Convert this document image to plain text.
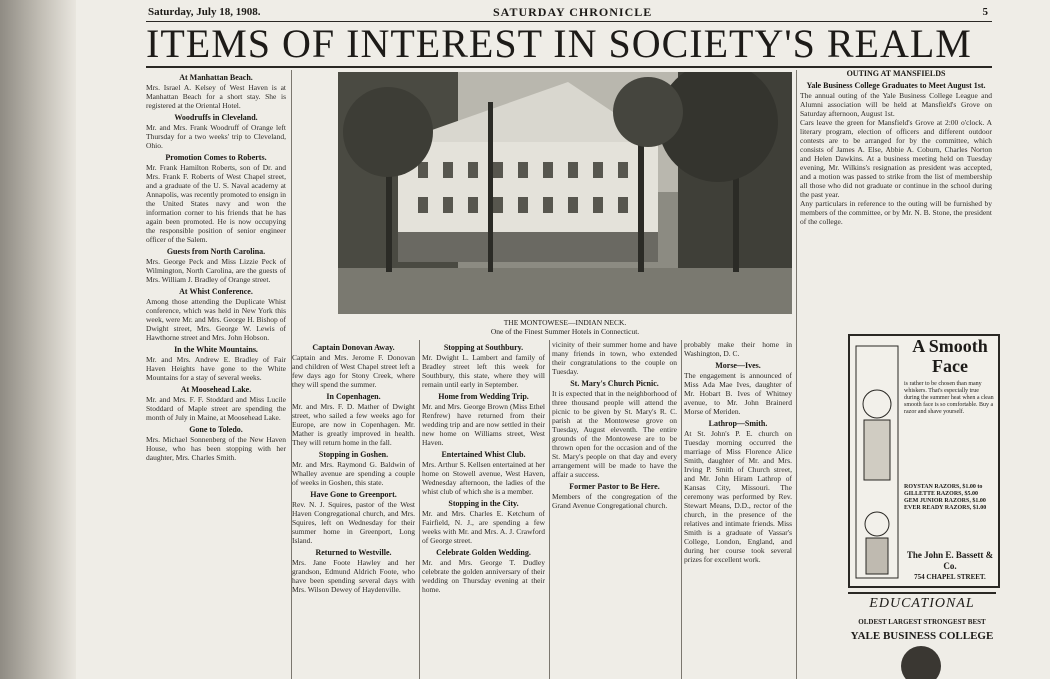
Saturday, July 18, 1908.	SATURDAY CHRONICLE	5
ITEMS OF INTEREST IN SOCIETY'S REALM
At Manhattan Beach.

Mrs. Israel A. Kelsey of West Haven is at Manhattan Beach for a short stay. She is registered at the Oriental Hotel.

Woodruffs in Cleveland.

Mr. and Mrs. Frank Woodruff of Orange left Thursday for a two weeks' trip to Cleveland, Ohio.

Promotion Comes to Roberts.

Mr. Frank Hamilton Roberts, son of Dr. and Mrs. Frank F. Roberts of West Chapel street, and a graduate of the U. S. Naval academy at Annapolis, was recently promoted to ensign in the United States navy and won the information corner to his friends that he has again been promoted. He is now occupying the responsible position of senior engineer officer of the Salem.

Guests from North Carolina.

Mrs. George Peck and Miss Lizzie Peck of Wilmington, North Carolina, are the guests of Mrs. William J. Bradley of Orange street.

At Whist Conference.

Among those attending the Duplicate Whist conference, which was held in New York this week, were Mr. and Mrs. George H. Bishop of Dwight street, Mrs. George W. Lewis of Hawthorne street and Mrs. John Hobson.

In the White Mountains.

Mr. and Mrs. Andrew E. Bradley of Fair Haven Heights have gone to the White Mountains for a stay of several weeks.

At Moosehead Lake.

Mr. and Mrs. F. F. Stoddard and Miss Lucile Stoddard of Maple street are spending the month of July in Maine, at Moosehead Lake.

Gone to Toledo.

Mrs. Michael Sonnenberg of the New Haven House, who has been stopping with her daughter, Mrs. Charles Smith.

THE MONTOWESE—INDIAN NECK.
One of the Finest Summer Hotels in Connecticut.
Captain Donovan Away.

Captain and Mrs. Jerome F. Donovan and children of West Chapel street left a few days ago for Stony Creek, where they will spend the summer.

In Copenhagen.

Mr. and Mrs. F. D. Mather of Dwight street, who sailed a few weeks ago for Europe, are now in Copenhagen. Mr. Mather is greatly improved in health. They will return home in the fall.

Stopping in Goshen.

Mr. and Mrs. Raymond G. Baldwin of Whalley avenue are spending a couple of weeks in Goshen, this state.

Have Gone to Greenport.

Rev. N. J. Squires, pastor of the West Haven Congregational church, and Mrs. Squires, left on Wednesday for their summer home in Greenport, Long Island.

Returned to Westville.

Mrs. Jane Foote Hawley and her grandson, Edmund Aldrich Foote, who have been spending several days with Mrs. Wilson Dewey of Haydenville.

Stopping at Southbury.

Mr. Dwight L. Lambert and family of Bradley street left this week for Southbury, this state, where they will remain until early in September.

Home from Wedding Trip.

Mr. and Mrs. George Brown (Miss Ethel Renfrew) have returned from their wedding trip and are now settled in their new home on Williams street, West Haven.

Entertained Whist Club.

Mrs. Arthur S. Kellsen entertained at her home on Stowell avenue, West Haven, Wednesday afternoon, the ladies of the whist club of which she is a member.

Stopping in the City.

Mr. and Mrs. Charles E. Ketchum of Fairfield, N. J., are spending a few weeks with Mr. and Mrs. A. J. Crawford of George street.

Celebrate Golden Wedding.

Mr. and Mrs. George T. Dudley celebrate the golden anniversary of their wedding on Thursday evening at their home.

vicinity of their summer home and have many friends in town, who extended their congratulations to the couple on Tuesday.

St. Mary's Church Picnic.

It is expected that in the neighborhood of three thousand people will attend the picnic to be given by St. Mary's R. C. parish at the Montowese grove on Tuesday, August eleventh. The entire grounds of the Montowese are to be thrown open for the occasion and of the St. Mary's people on that day and every arrangement will be made to have the affair a success.

Former Pastor to Be Here.

Members of the congregation of the Grand Avenue Congregational church.

probably make their home in Washington, D. C.

Morse—Ives.

The engagement is announced of Miss Ada Mae Ives, daughter of Mr. Hobart B. Ives of Whitney avenue, to Mr. John Brainerd Morse of Meriden.

Lathrop—Smith.

At St. John's P. E. church on Tuesday morning occurred the marriage of Miss Florence Alice Smith, daughter of Mr. and Mrs. Irving P. Smith of Church street, and Mr. John Hiram Lathrop of Kansas City, Missouri. The ceremony was performed by Rev. Stewart Means, D.D., rector of the church, in the presence of the relatives and intimate friends. Miss Smith is a graduate of Vassar's College, London, England, and during her course took several prizes for excellent work.

OUTING AT MANSFIELDS
Yale Business College Graduates to Meet August 1st.

The annual outing of the Yale Business College League and Alumni association will be held at Mansfield's Grove on Saturday afternoon, August 1st.

Cars leave the green for Mansfield's Grove at 2:00 o'clock. A literary program, election of officers and different outdoor contests are to be arranged for by the committee, which consists of James A. Else, Abbie A. Coburn, Charles Norton and Helen Dawkins. At a business meeting held on Tuesday evening, Mr. Wilkins's resignation as president was accepted, and a motion was passed to strike from the list of membership all those who did not graduate or continue in the school during the past year.

Any particulars in reference to the outing will be furnished by members of the committee, or by Mr. N. B. Stone, the president of the college.

A Smooth Face
is rather to be chosen than many whiskers. That's especially true during the summer heat when a clean smooth face is so comfortable. Buy a razor and shave yourself.
ROYSTAN RAZORS, $1.00 to
GILLETTE RAZORS, $5.00
GEM JUNIOR RAZORS, $1.00
EVER READY RAZORS, $1.00
The John E. Bassett & Co.
754 CHAPEL STREET.
EDUCATIONAL
OLDEST LARGEST STRONGEST BEST
YALE BUSINESS COLLEGE
